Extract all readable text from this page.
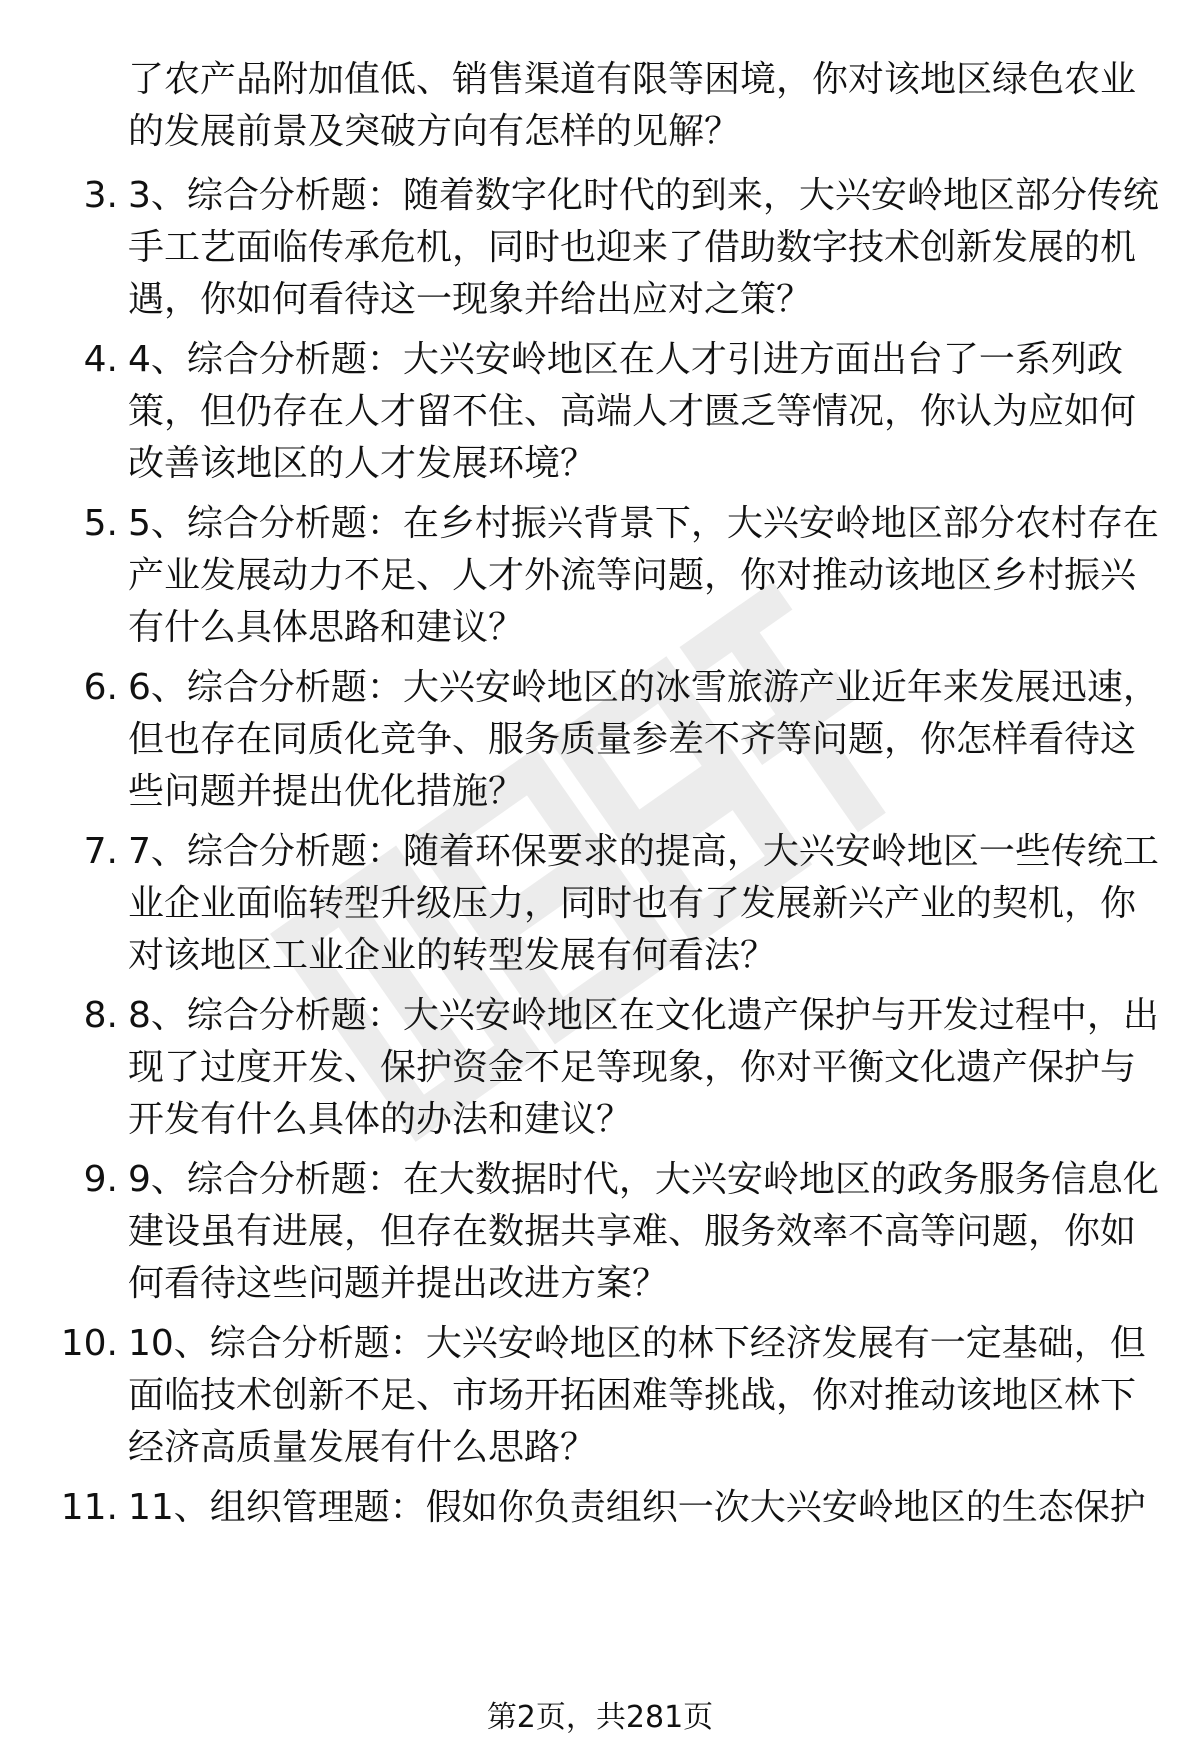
了农产品附加值低、销售渠道有限等困境，你对该地区绿色农业的发展前景及突破方向有怎样的见解？
3. 3、综合分析题：随着数字化时代的到来，大兴安岭地区部分传统手工艺面临传承危机，同时也迎来了借助数字技术创新发展的机遇，你如何看待这一现象并给出应对之策？
4. 4、综合分析题：大兴安岭地区在人才引进方面出台了一系列政策，但仍存在人才留不住、高端人才匮乏等情况，你认为应如何改善该地区的人才发展环境？
5. 5、综合分析题：在乡村振兴背景下，大兴安岭地区部分农村存在产业发展动力不足、人才外流等问题，你对推动该地区乡村振兴有什么具体思路和建议？
6. 6、综合分析题：大兴安岭地区的冰雪旅游产业近年来发展迅速，但也存在同质化竞争、服务质量参差不齐等问题，你怎样看待这些问题并提出优化措施？
7. 7、综合分析题：随着环保要求的提高，大兴安岭地区一些传统工业企业面临转型升级压力，同时也有了发展新兴产业的契机，你对该地区工业企业的转型发展有何看法？
8. 8、综合分析题：大兴安岭地区在文化遗产保护与开发过程中，出现了过度开发、保护资金不足等现象，你对平衡文化遗产保护与开发有什么具体的办法和建议？
9. 9、综合分析题：在大数据时代，大兴安岭地区的政务服务信息化建设虽有进展，但存在数据共享难、服务效率不高等问题，你如何看待这些问题并提出改进方案？
10. 10、综合分析题：大兴安岭地区的林下经济发展有一定基础，但面临技术创新不足、市场开拓困难等挑战，你对推动该地区林下经济高质量发展有什么思路？
11. 11、组织管理题：假如你负责组织一次大兴安岭地区的生态保护
第2页，共281页
